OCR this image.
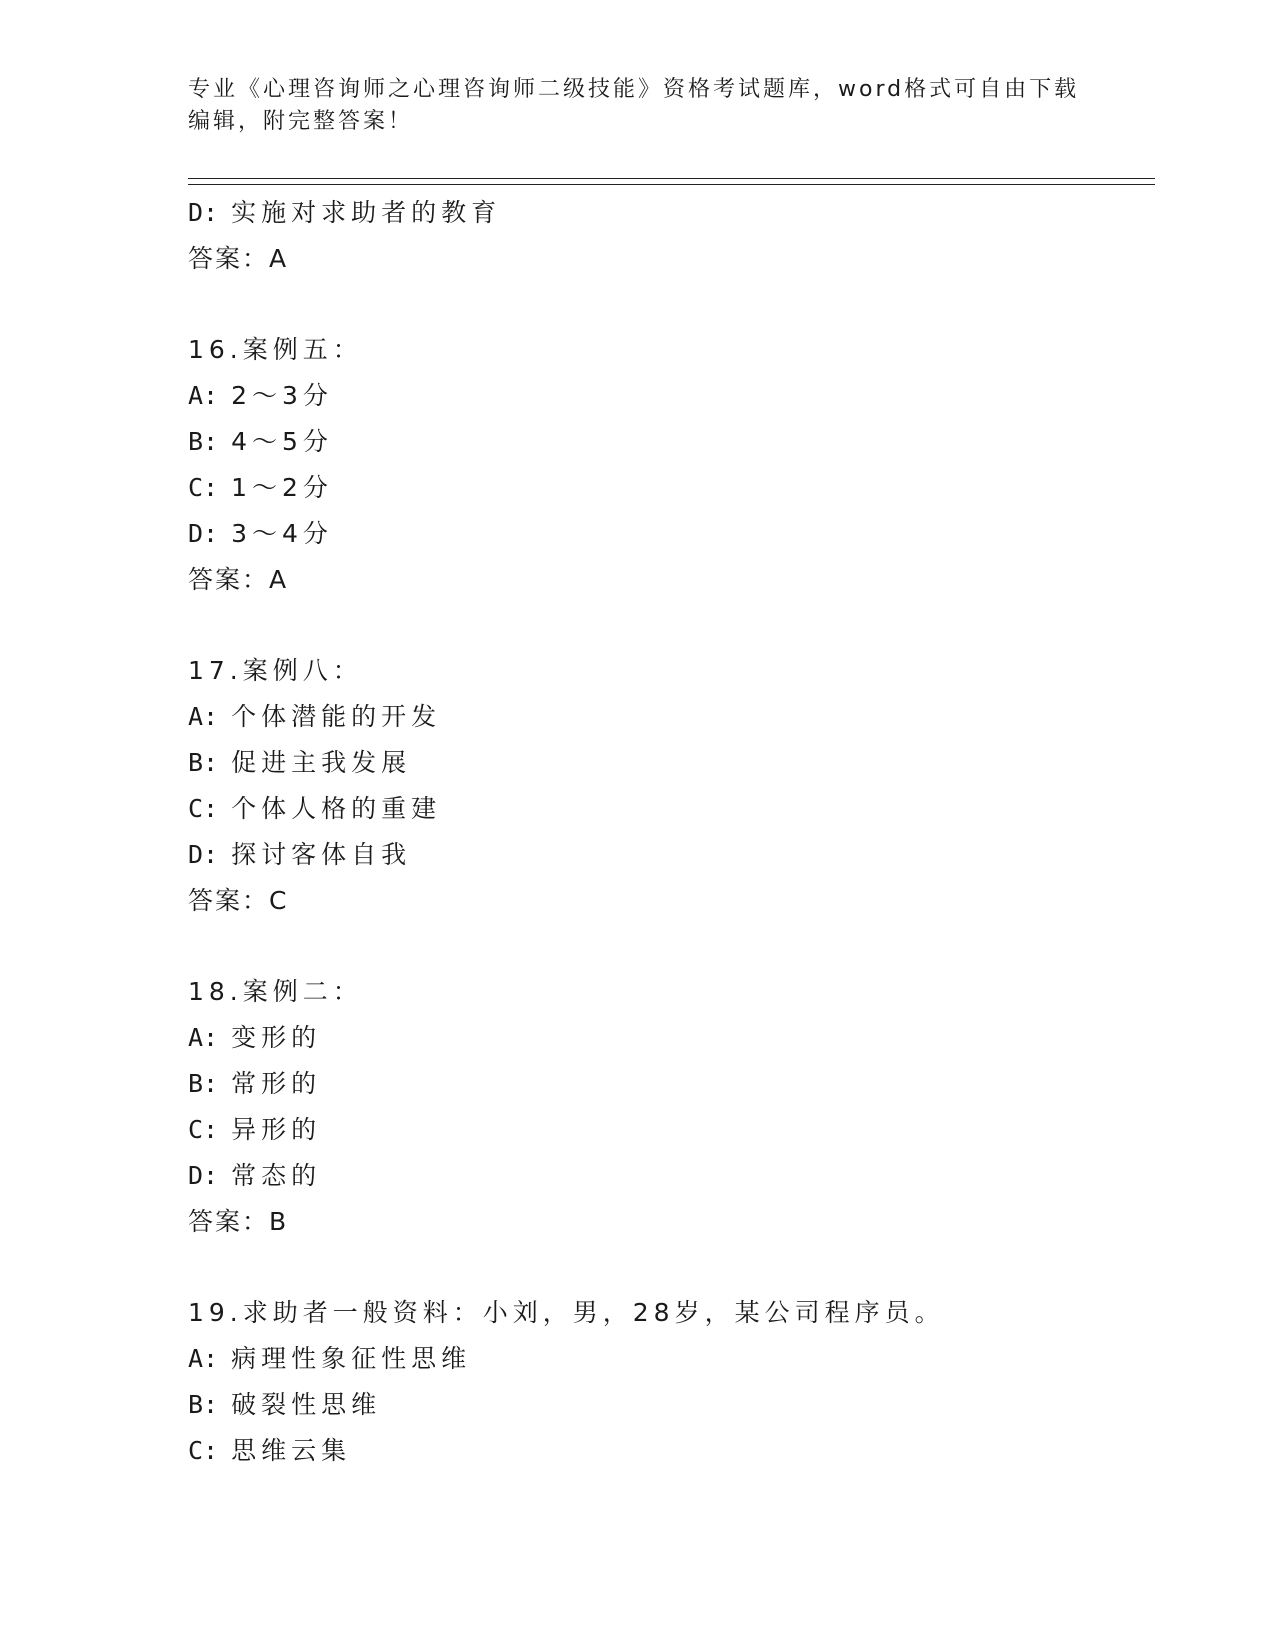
专业《心理咨询师之心理咨询师二级技能》资格考试题库，word格式可自由下载
编辑，附完整答案！
D: 实施对求助者的教育
答案：A
16.案例五：
A: 2～3分
B: 4～5分
C: 1～2分
D: 3～4分
答案：A
17.案例八：
A: 个体潜能的开发
B: 促进主我发展
C: 个体人格的重建
D: 探讨客体自我
答案：C
18.案例二：
A: 变形的
B: 常形的
C: 异形的
D: 常态的
答案：B
19.求助者一般资料：小刘，男，28岁，某公司程序员。
A: 病理性象征性思维
B: 破裂性思维
C: 思维云集
